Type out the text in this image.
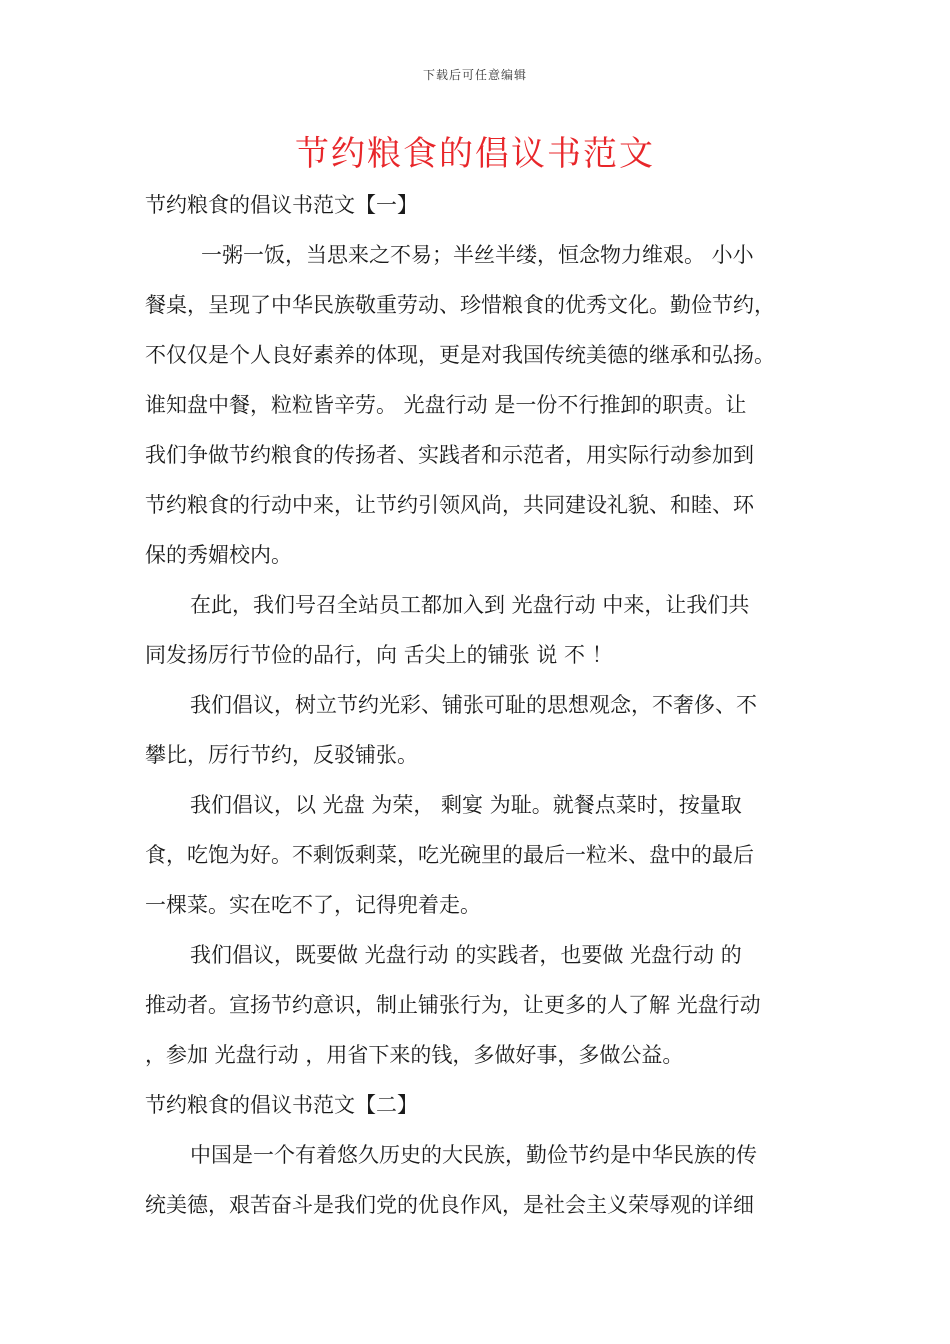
下载后可任意编辑
节约粮食的倡议书范文
节约粮食的倡议书范文【一】
一粥一饭，当思来之不易；半丝半缕，恒念物力维艰。 小小
餐桌，呈现了中华民族敬重劳动、珍惜粮食的优秀文化。勤俭节约，
不仅仅是个人良好素养的体现，更是对我国传统美德的继承和弘扬。
谁知盘中餐，粒粒皆辛劳。 光盘行动 是一份不行推卸的职责。让
我们争做节约粮食的传扬者、实践者和示范者，用实际行动参加到
节约粮食的行动中来，让节约引领风尚，共同建设礼貌、和睦、环
保的秀媚校内。
在此，我们号召全站员工都加入到 光盘行动 中来，让我们共
同发扬厉行节俭的品行，向 舌尖上的铺张 说 不 ！
我们倡议，树立节约光彩、铺张可耻的思想观念，不奢侈、不
攀比，厉行节约，反驳铺张。
我们倡议，以 光盘 为荣， 剩宴 为耻。就餐点菜时，按量取
食，吃饱为好。不剩饭剩菜，吃光碗里的最后一粒米、盘中的最后
一棵菜。实在吃不了，记得兜着走。
我们倡议，既要做 光盘行动 的实践者，也要做 光盘行动 的
推动者。宣扬节约意识，制止铺张行为，让更多的人了解 光盘行动
，参加 光盘行动 ，用省下来的钱，多做好事，多做公益。
节约粮食的倡议书范文【二】
中国是一个有着悠久历史的大民族，勤俭节约是中华民族的传
统美德，艰苦奋斗是我们党的优良作风，是社会主义荣辱观的详细
